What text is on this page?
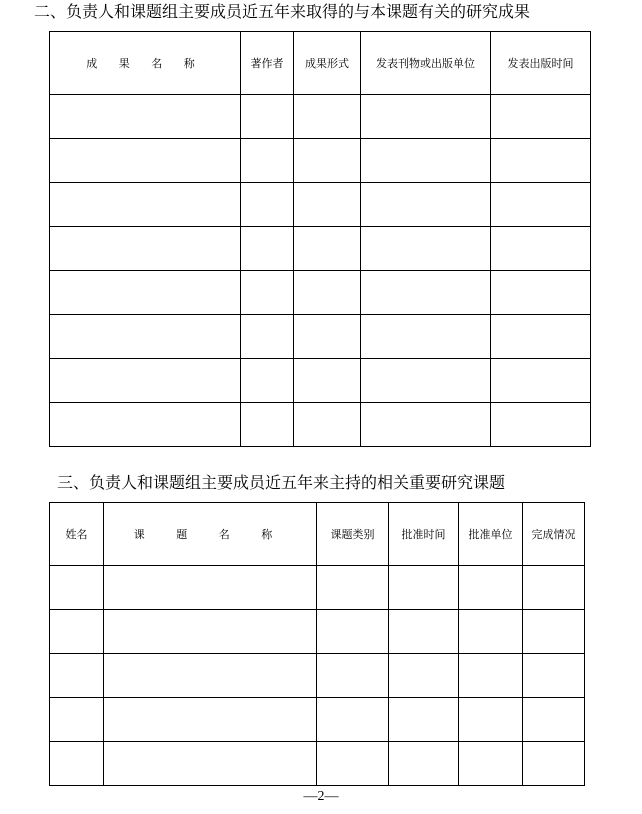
二、负责人和课题组主要成员近五年来取得的与本课题有关的研究成果
成 果 名 称	著作者	成果形式	发表刊物或出版单位	发表出版时间

三、负责人和课题组主要成员近五年来主持的相关重要研究课题
姓名	课 题 名 称	课题类别	批准时间	批准单位	完成情况

—2—
